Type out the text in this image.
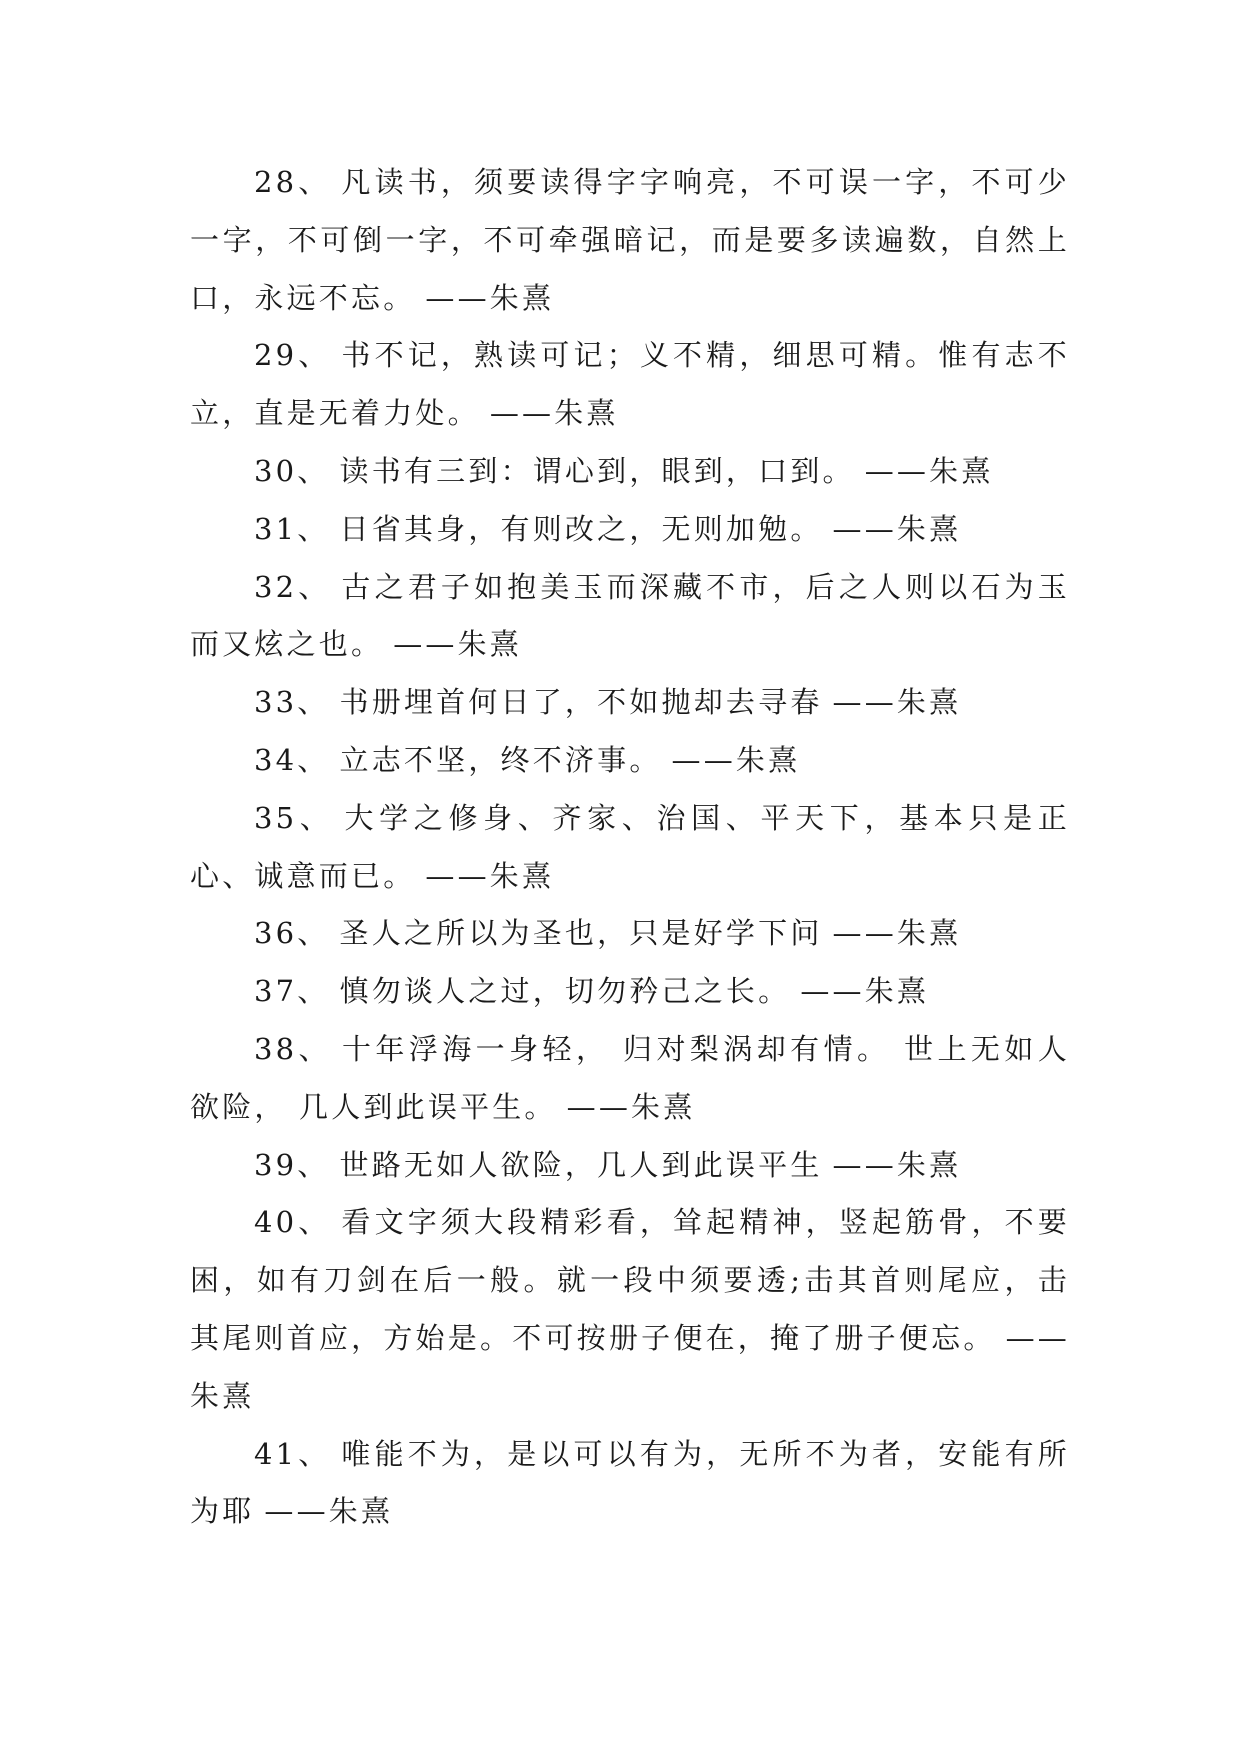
28、 凡读书，须要读得字字响亮，不可误一字，不可少一字，不可倒一字，不可牵强暗记，而是要多读遍数，自然上口，永远不忘。 ——朱熹

29、 书不记，熟读可记；义不精，细思可精。惟有志不立，直是无着力处。 ——朱熹

30、 读书有三到：谓心到，眼到，口到。 ——朱熹

31、 日省其身，有则改之，无则加勉。 ——朱熹

32、 古之君子如抱美玉而深藏不市，后之人则以石为玉而又炫之也。 ——朱熹

33、 书册埋首何日了，不如抛却去寻春 ——朱熹

34、 立志不坚，终不济事。 ——朱熹

35、 大学之修身、齐家、治国、平天下，基本只是正心、诚意而已。 ——朱熹

36、 圣人之所以为圣也，只是好学下问 ——朱熹

37、 慎勿谈人之过，切勿矜己之长。 ——朱熹

38、 十年浮海一身轻， 归对梨涡却有情。 世上无如人欲险， 几人到此误平生。 ——朱熹

39、 世路无如人欲险，几人到此误平生 ——朱熹

40、 看文字须大段精彩看，耸起精神，竖起筋骨，不要困，如有刀剑在后一般。就一段中须要透;击其首则尾应，击其尾则首应，方始是。不可按册子便在，掩了册子便忘。 ——朱熹

41、 唯能不为，是以可以有为，无所不为者，安能有所为耶 ——朱熹
